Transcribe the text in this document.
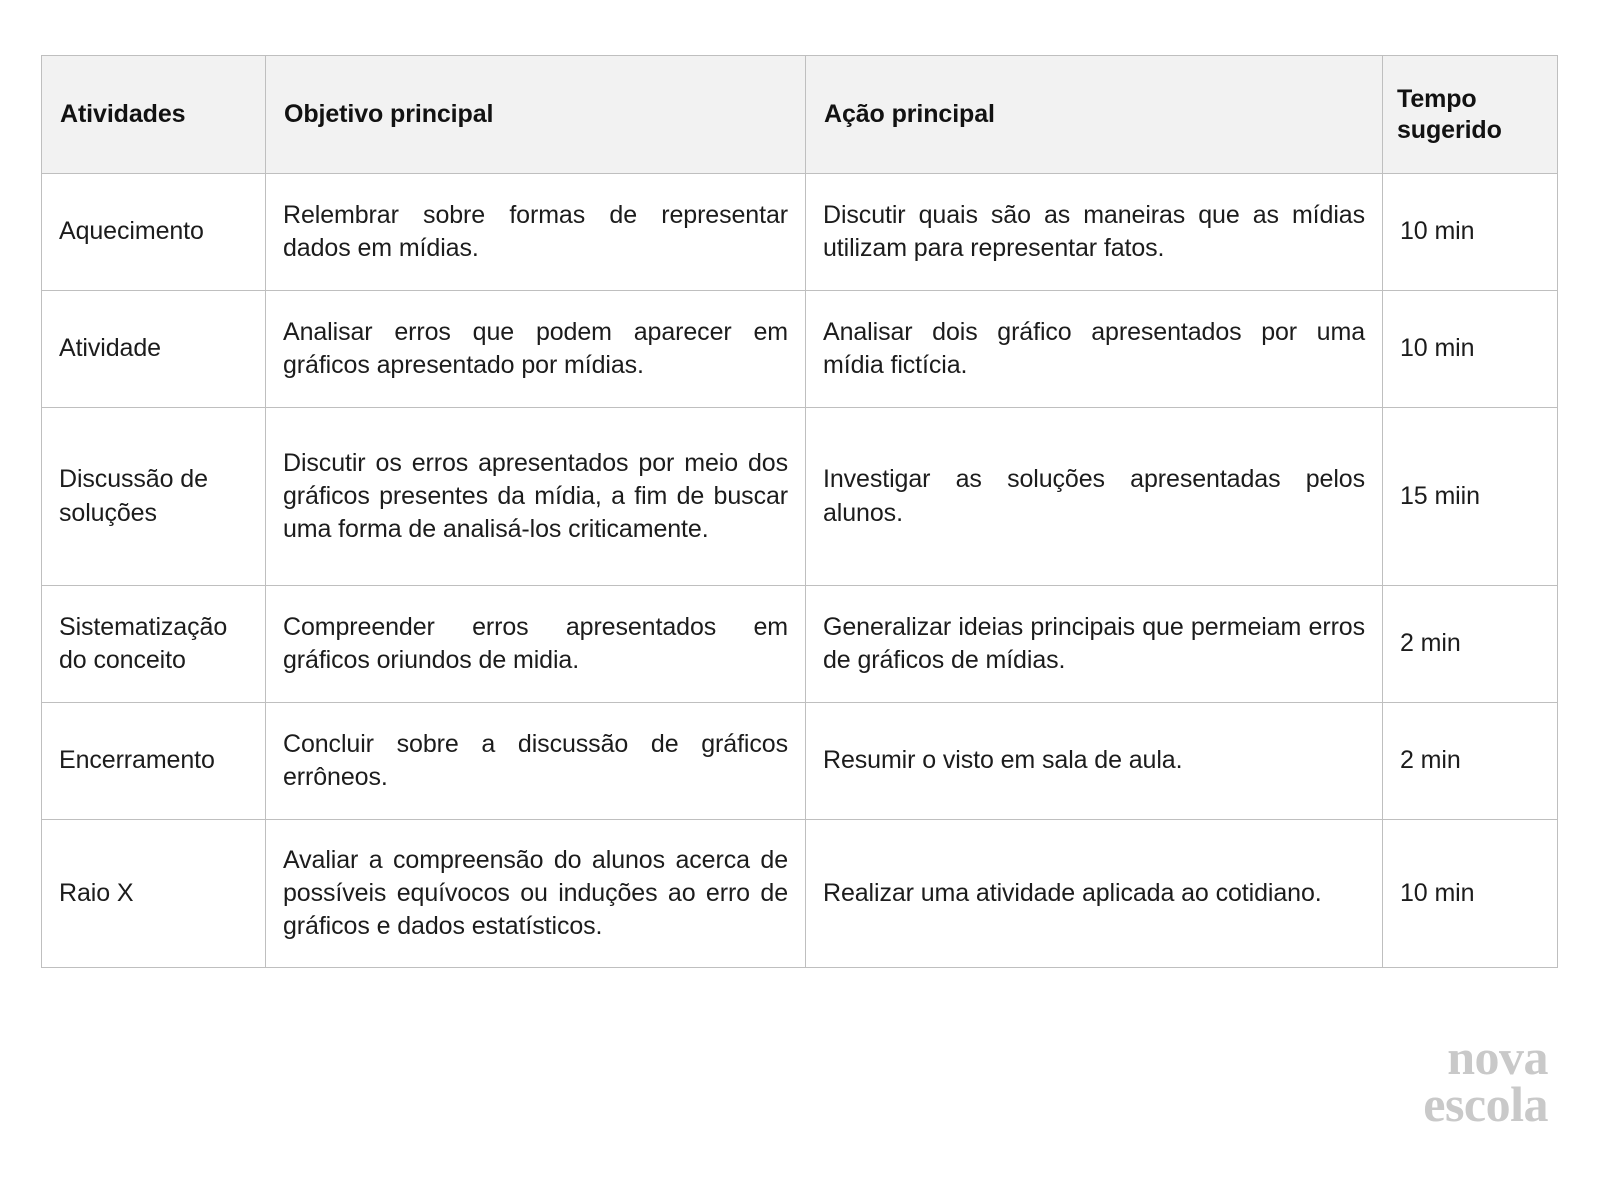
Atividades	Objetivo principal	Ação principal	Tempo sugerido
Aquecimento	Relembrar sobre formas de representar dados em mídias.	Discutir quais são as maneiras que as mídias utilizam para representar fatos.	10 min
Atividade	Analisar erros que podem aparecer em gráficos apresentado por mídias.	Analisar dois gráfico apresentados por uma mídia fictícia.	10 min
Discussão de soluções	Discutir os erros apresentados por meio dos gráficos presentes da mídia, a fim de buscar uma forma de analisá-los criticamente.	Investigar as soluções apresentadas pelos alunos.	15 miin
Sistematização do conceito	Compreender erros apresentados em gráficos oriundos de midia.	Generalizar ideias principais que permeiam erros de gráficos de mídias.	2 min
Encerramento	Concluir sobre a discussão de gráficos errôneos.	Resumir o visto em sala de aula.	2 min
Raio X	Avaliar a compreensão do alunos acerca de possíveis equívocos ou induções ao erro de gráficos e dados estatísticos.	Realizar uma atividade aplicada ao cotidiano.	10 min
nova
escola
